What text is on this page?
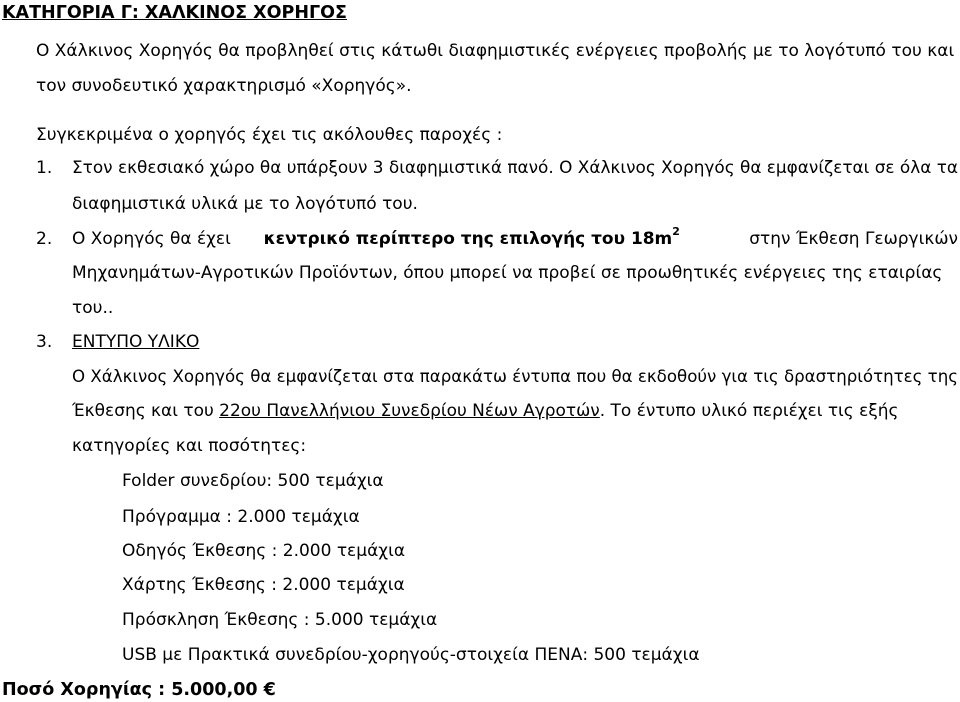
ΚΑΤΗΓΟΡΙΑ Γ: ΧΑΛΚΙΝΟΣ ΧΟΡΗΓΟΣ
Ο Χάλκινος Χορηγός θα προβληθεί στις κάτωθι διαφημιστικές ενέργειες προβολής με το λογότυπό του και
τον συνοδευτικό χαρακτηρισμό «Χορηγός».
Συγκεκριμένα ο χορηγός έχει τις ακόλουθες παροχές :
1. Στον εκθεσιακό χώρο θα υπάρξουν 3 διαφημιστικά πανό. Ο Χάλκινος Χορηγός θα εμφανίζεται σε όλα τα
διαφημιστικά υλικά με το λογότυπό του.
2. Ο Χορηγός θα έχει κεντρικό περίπτερο της επιλογής του $18m^2$	στην Έκθεση Γεωργικών
Μηχανημάτων-Αγροτικών Προϊόντων, όπου μπορεί να προβεί σε προωθητικές ενέργειες της εταιρίας
του..
3. ΕΝΤΥΠΟ ΥΛΙΚΟ
Ο Χάλκινος Χορηγός θα εμφανίζεται στα παρακάτω έντυπα που θα εκδοθούν για τις δραστηριότητες της
Έκθεσης και του 22ου Πανελλήνιου Συνεδρίου Νέων Αγροτών. Το έντυπο υλικό περιέχει τις εξής
κατηγορίες και ποσότητες:
Folder συνεδρίου: 500 τεμάχια
Πρόγραμμα : 2.000 τεμάχια
Οδηγός Έκθεσης : 2.000 τεμάχια
Χάρτης Έκθεσης : 2.000 τεμάχια
Πρόσκληση Έκθεσης : 5.000 τεμάχια
USB με Πρακτικά συνεδρίου-χορηγούς-στοιχεία ΠΕΝΑ: 500 τεμάχια
Ποσό Χορηγίας : 5.000,00 €
